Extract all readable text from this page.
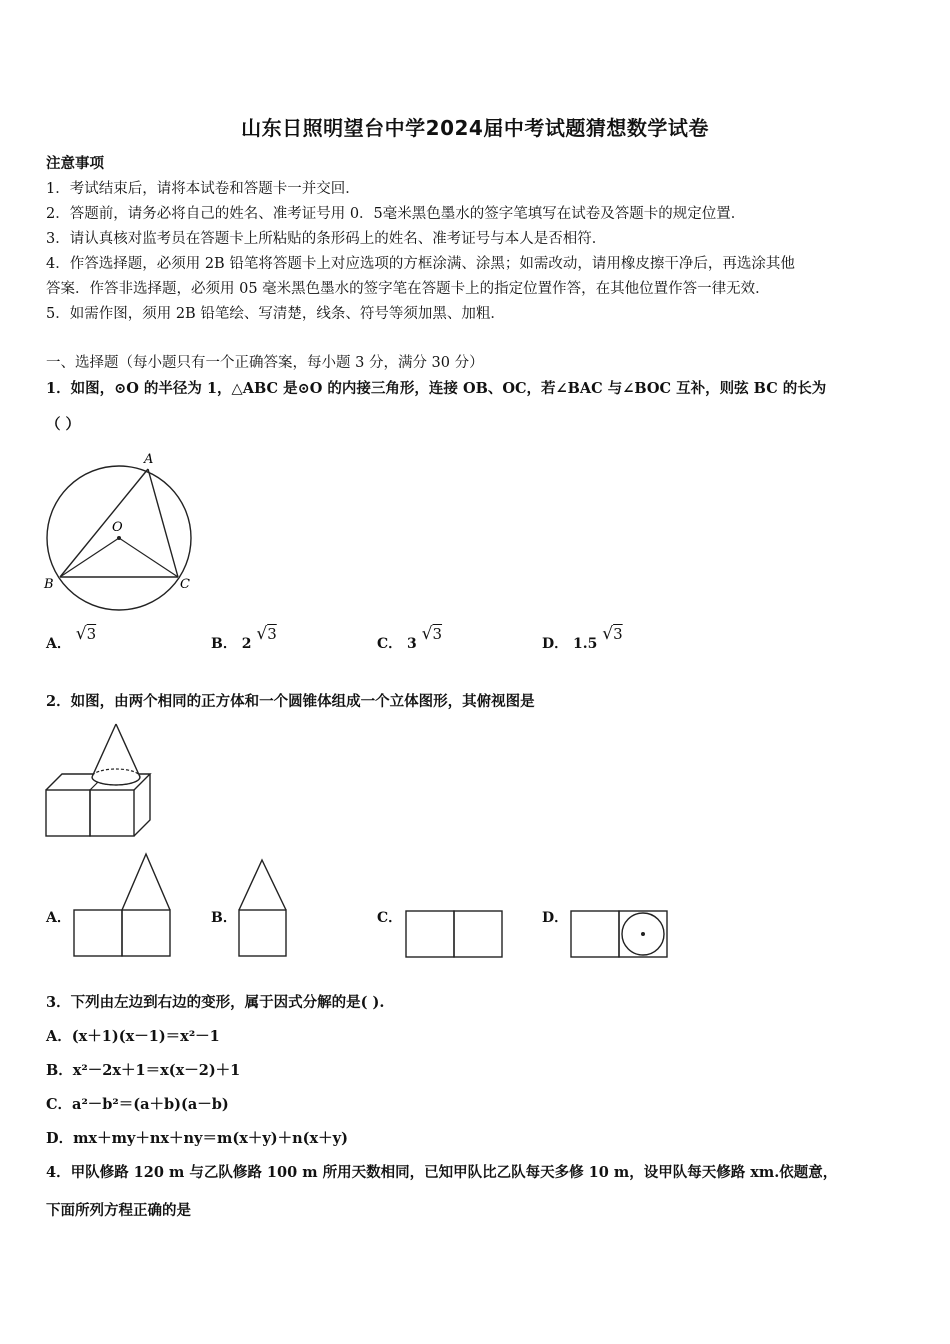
山东日照明望台中学2024届中考试题猜想数学试卷
注意事项
1．考试结束后，请将本试卷和答题卡一并交回．
2．答题前，请务必将自己的姓名、准考证号用 0．5毫米黑色墨水的签字笔填写在试卷及答题卡的规定位置．
3．请认真核对监考员在答题卡上所粘贴的条形码上的姓名、准考证号与本人是否相符．
4．作答选择题，必须用 2B 铅笔将答题卡上对应选项的方框涂满、涂黑；如需改动，请用橡皮擦干净后，再选涂其他
答案．作答非选择题，必须用 05 毫米黑色墨水的签字笔在答题卡上的指定位置作答，在其他位置作答一律无效．
5．如需作图，须用 2B 铅笔绘、写清楚，线条、符号等须加黑、加粗．
一、选择题（每小题只有一个正确答案，每小题 3 分，满分 30 分）
1．如图，⊙O 的半径为 1，△ABC 是⊙O 的内接三角形，连接 OB、OC，若∠BAC 与∠BOC 互补，则弦 BC 的长为
（ ）
A
O
B	C
A． √3
B． 2 √3
C． 3 √3
D． 1.5 √3
2．如图，由两个相同的正方体和一个圆锥体组成一个立体图形，其俯视图是
A．	B．	C．	D．
3．下列由左边到右边的变形，属于因式分解的是( ).
A．(x＋1)(x－1)＝x²－1
B．x²－2x＋1＝x(x－2)＋1
C．a²－b²＝(a＋b)(a－b)
D．mx＋my＋nx＋ny＝m(x＋y)＋n(x＋y)
4．甲队修路 120 m 与乙队修路 100 m 所用天数相同，已知甲队比乙队每天多修 10 m，设甲队每天修路 xm.依题意，
下面所列方程正确的是
